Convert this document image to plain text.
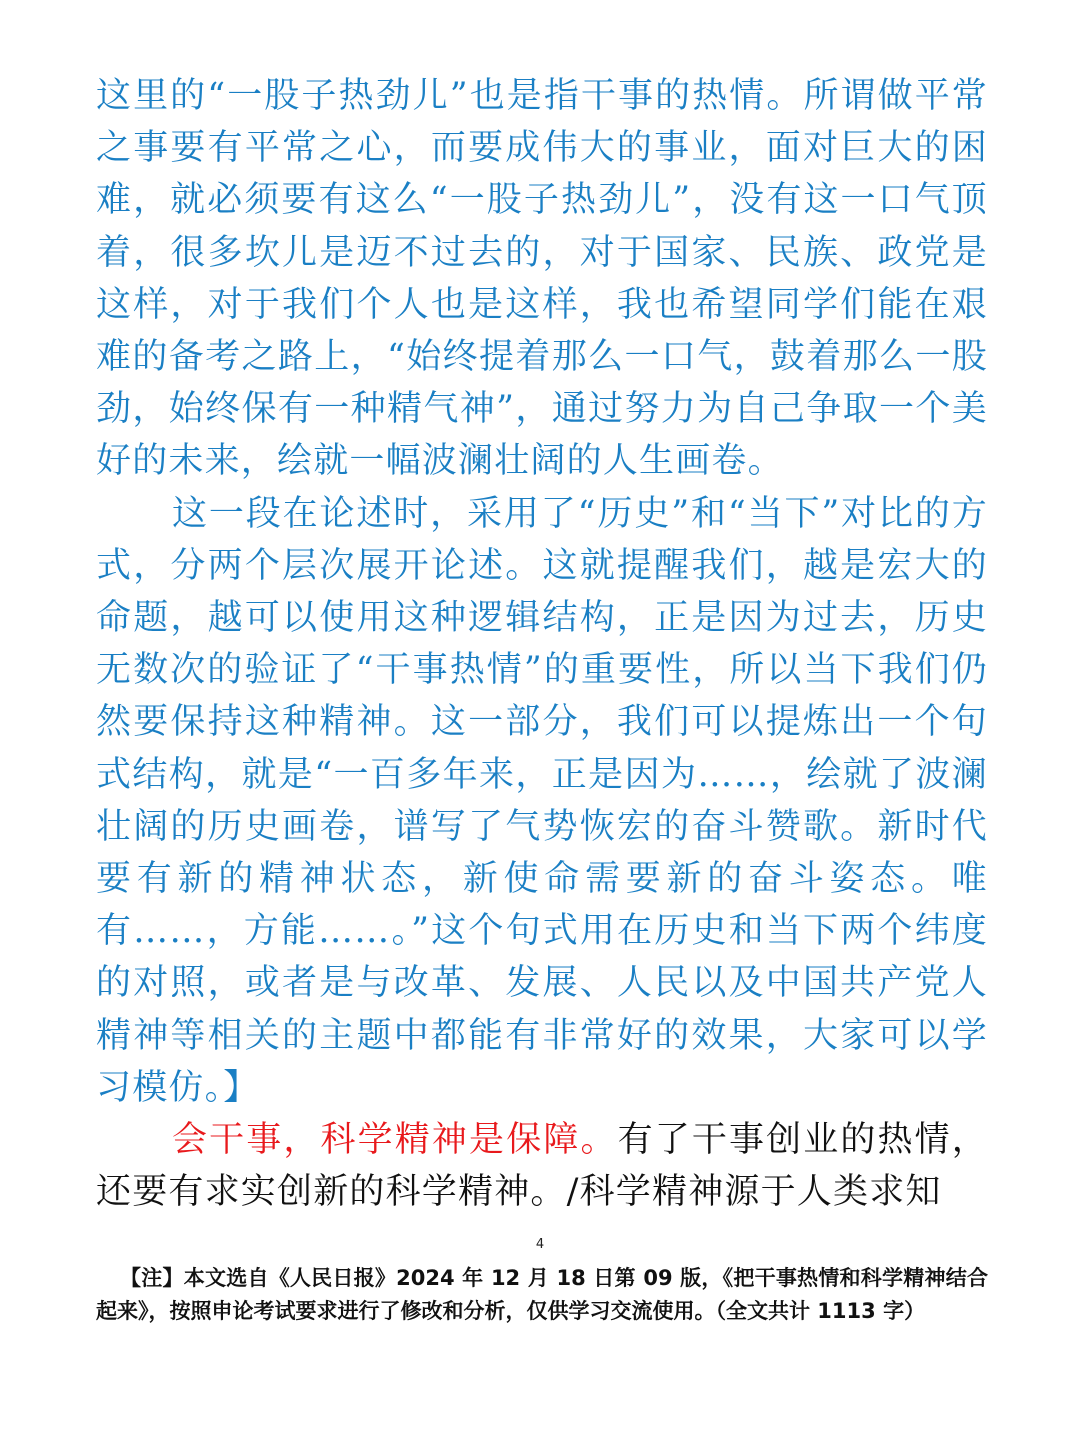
这里的“一股子热劲儿”也是指干事的热情。所谓做平常之事要有平常之心，而要成伟大的事业，面对巨大的困难，就必须要有这么“一股子热劲儿”，没有这一口气顶着，很多坎儿是迈不过去的，对于国家、民族、政党是这样，对于我们个人也是这样，我也希望同学们能在艰难的备考之路上，“始终提着那么一口气，鼓着那么一股劲，始终保有一种精气神”，通过努力为自己争取一个美好的未来，绘就一幅波澜壮阔的人生画卷。

这一段在论述时，采用了“历史”和“当下”对比的方式，分两个层次展开论述。这就提醒我们，越是宏大的命题，越可以使用这种逻辑结构，正是因为过去，历史无数次的验证了“干事热情”的重要性，所以当下我们仍然要保持这种精神。这一部分，我们可以提炼出一个句式结构，就是“一百多年来，正是因为……，绘就了波澜壮阔的历史画卷，谱写了气势恢宏的奋斗赞歌。新时代要有新的精神状态，新使命需要新的奋斗姿态。唯有……，方能……。”这个句式用在历史和当下两个纬度的对照，或者是与改革、发展、人民以及中国共产党人精神等相关的主题中都能有非常好的效果，大家可以学习模仿。】

会干事，科学精神是保障。有了干事创业的热情，还要有求实创新的科学精神。/科学精神源于人类求知

4
【注】本文选自《人民日报》2024 年 12 月 18 日第 09 版，《把干事热情和科学精神结合起来》，按照申论考试要求进行了修改和分析，仅供学习交流使用。（全文共计 1113 字）
